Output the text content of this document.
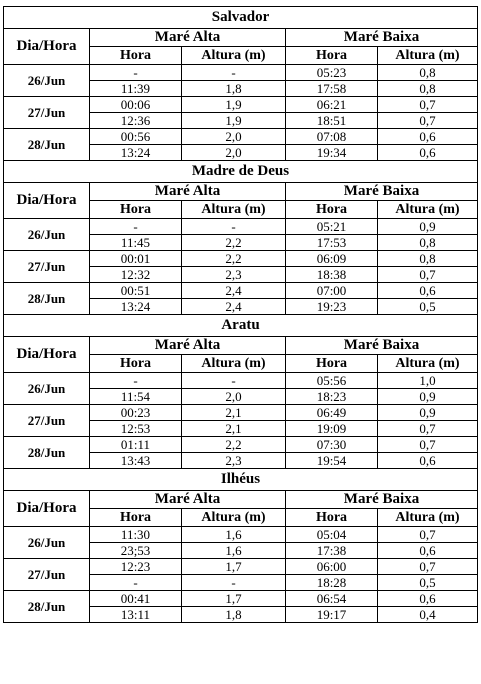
Salvador				
Dia/Hora	Maré Alta		Maré Baixa	
	Hora	Altura (m)	Hora	Altura (m)
26/Jun	-	-	05:23	0,8
	11:39	1,8	17:58	0,8
27/Jun	00:06	1,9	06:21	0,7
	12:36	1,9	18:51	0,7
28/Jun	00:56	2,0	07:08	0,6
	13:24	2,0	19:34	0,6
Madre de Deus				
Dia/Hora	Maré Alta		Maré Baixa	
	Hora	Altura (m)	Hora	Altura (m)
26/Jun	-	-	05:21	0,9
	11:45	2,2	17:53	0,8
27/Jun	00:01	2,2	06:09	0,8
	12:32	2,3	18:38	0,7
28/Jun	00:51	2,4	07:00	0,6
	13:24	2,4	19:23	0,5
Aratu				
Dia/Hora	Maré Alta		Maré Baixa	
	Hora	Altura (m)	Hora	Altura (m)
26/Jun	-	-	05:56	1,0
	11:54	2,0	18:23	0,9
27/Jun	00:23	2,1	06:49	0,9
	12:53	2,1	19:09	0,7
28/Jun	01:11	2,2	07:30	0,7
	13:43	2,3	19:54	0,6
Ilhéus				
Dia/Hora	Maré Alta		Maré Baixa	
	Hora	Altura (m)	Hora	Altura (m)
26/Jun	11:30	1,6	05:04	0,7
	23;53	1,6	17:38	0,6
27/Jun	12:23	1,7	06:00	0,7
	-	-	18:28	0,5
28/Jun	00:41	1,7	06:54	0,6
	13:11	1,8	19:17	0,4
